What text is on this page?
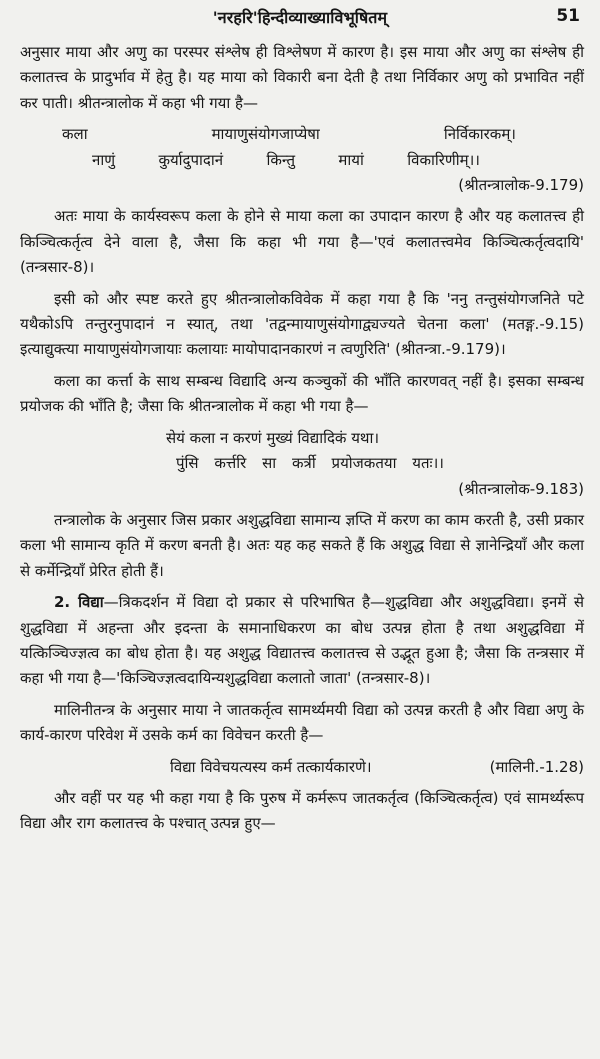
'नरहरि'हिन्दीव्याख्याविभूषितम्	51

अनुसार माया और अणु का परस्पर संश्लेष ही विश्लेषण में कारण है। इस माया और अणु का संश्लेष ही कलातत्त्व के प्रादुर्भाव में हेतु है। यह माया को विकारी बना देती है तथा निर्विकार अणु को प्रभावित नहीं कर पाती। श्रीतन्त्रालोक में कहा भी गया है—

कला	मायाणुसंयोगजाप्येषा	निर्विकारकम्।
नाणुं	कुर्यादुपादानं	किन्तु	मायां	विकारिणीम्।।

(श्रीतन्त्रालोक-9.179)

अतः माया के कार्यस्वरूप कला के होने से माया कला का उपादान कारण है और यह कलातत्त्व ही किञ्चित्कर्तृत्व देने वाला है, जैसा कि कहा भी गया है—'एवं कलातत्त्वमेव किञ्चित्कर्तृत्वदायि' (तन्त्रसार-8)।

इसी को और स्पष्ट करते हुए श्रीतन्त्रालोकविवेक में कहा गया है कि 'ननु तन्तुसंयोगजनिते पटे यथैकोऽपि तन्तुरनुपादानं न स्यात्, तथा 'तद्वन्मायाणुसंयोगाद्व्यज्यते चेतना कला' (मतङ्ग.-9.15) इत्याद्युक्त्या मायाणुसंयोगजायाः कलायाः मायोपादानकारणं न त्वणुरिति' (श्रीतन्त्रा.-9.179)।

कला का कर्त्ता के साथ सम्बन्ध विद्यादि अन्य कञ्चुकों की भाँति कारणवत् नहीं है। इसका सम्बन्ध प्रयोजक की भाँति है; जैसा कि श्रीतन्त्रालोक में कहा भी गया है—

सेयं कला न करणं मुख्यं विद्यादिकं यथा।

पुंसि कर्त्तरि सा कर्त्री प्रयोजकतया यतः।।

(श्रीतन्त्रालोक-9.183)

तन्त्रालोक के अनुसार जिस प्रकार अशुद्धविद्या सामान्य ज्ञप्ति में करण का काम करती है, उसी प्रकार कला भी सामान्य कृति में करण बनती है। अतः यह कह सकते हैं कि अशुद्ध विद्या से ज्ञानेन्द्रियाँ और कला से कर्मेन्द्रियाँ प्रेरित होती हैं।

2. विद्या—त्रिकदर्शन में विद्या दो प्रकार से परिभाषित है—शुद्धविद्या और अशुद्धविद्या। इनमें से शुद्धविद्या में अहन्ता और इदन्ता के समानाधिकरण का बोध उत्पन्न होता है तथा अशुद्धविद्या में यत्किञ्चिज्ज्ञत्व का बोध होता है। यह अशुद्ध विद्यातत्त्व कलातत्त्व से उद्भूत हुआ है; जैसा कि तन्त्रसार में कहा भी गया है—'किञ्चिज्ज्ञत्वदायिन्यशुद्धविद्या कलातो जाता' (तन्त्रसार-8)।

मालिनीतन्त्र के अनुसार माया ने जातकर्तृत्व सामर्थ्यमयी विद्या को उत्पन्न करती है और विद्या अणु के कार्य-कारण परिवेश में उसके कर्म का विवेचन करती है—

विद्या विवेचयत्यस्य कर्म तत्कार्यकारणे।	(मालिनी.-1.28)

और वहीं पर यह भी कहा गया है कि पुरुष में कर्मरूप जातकर्तृत्व (किञ्चित्कर्तृत्व) एवं सामर्थ्यरूप विद्या और राग कलातत्त्व के पश्चात् उत्पन्न हुए—
